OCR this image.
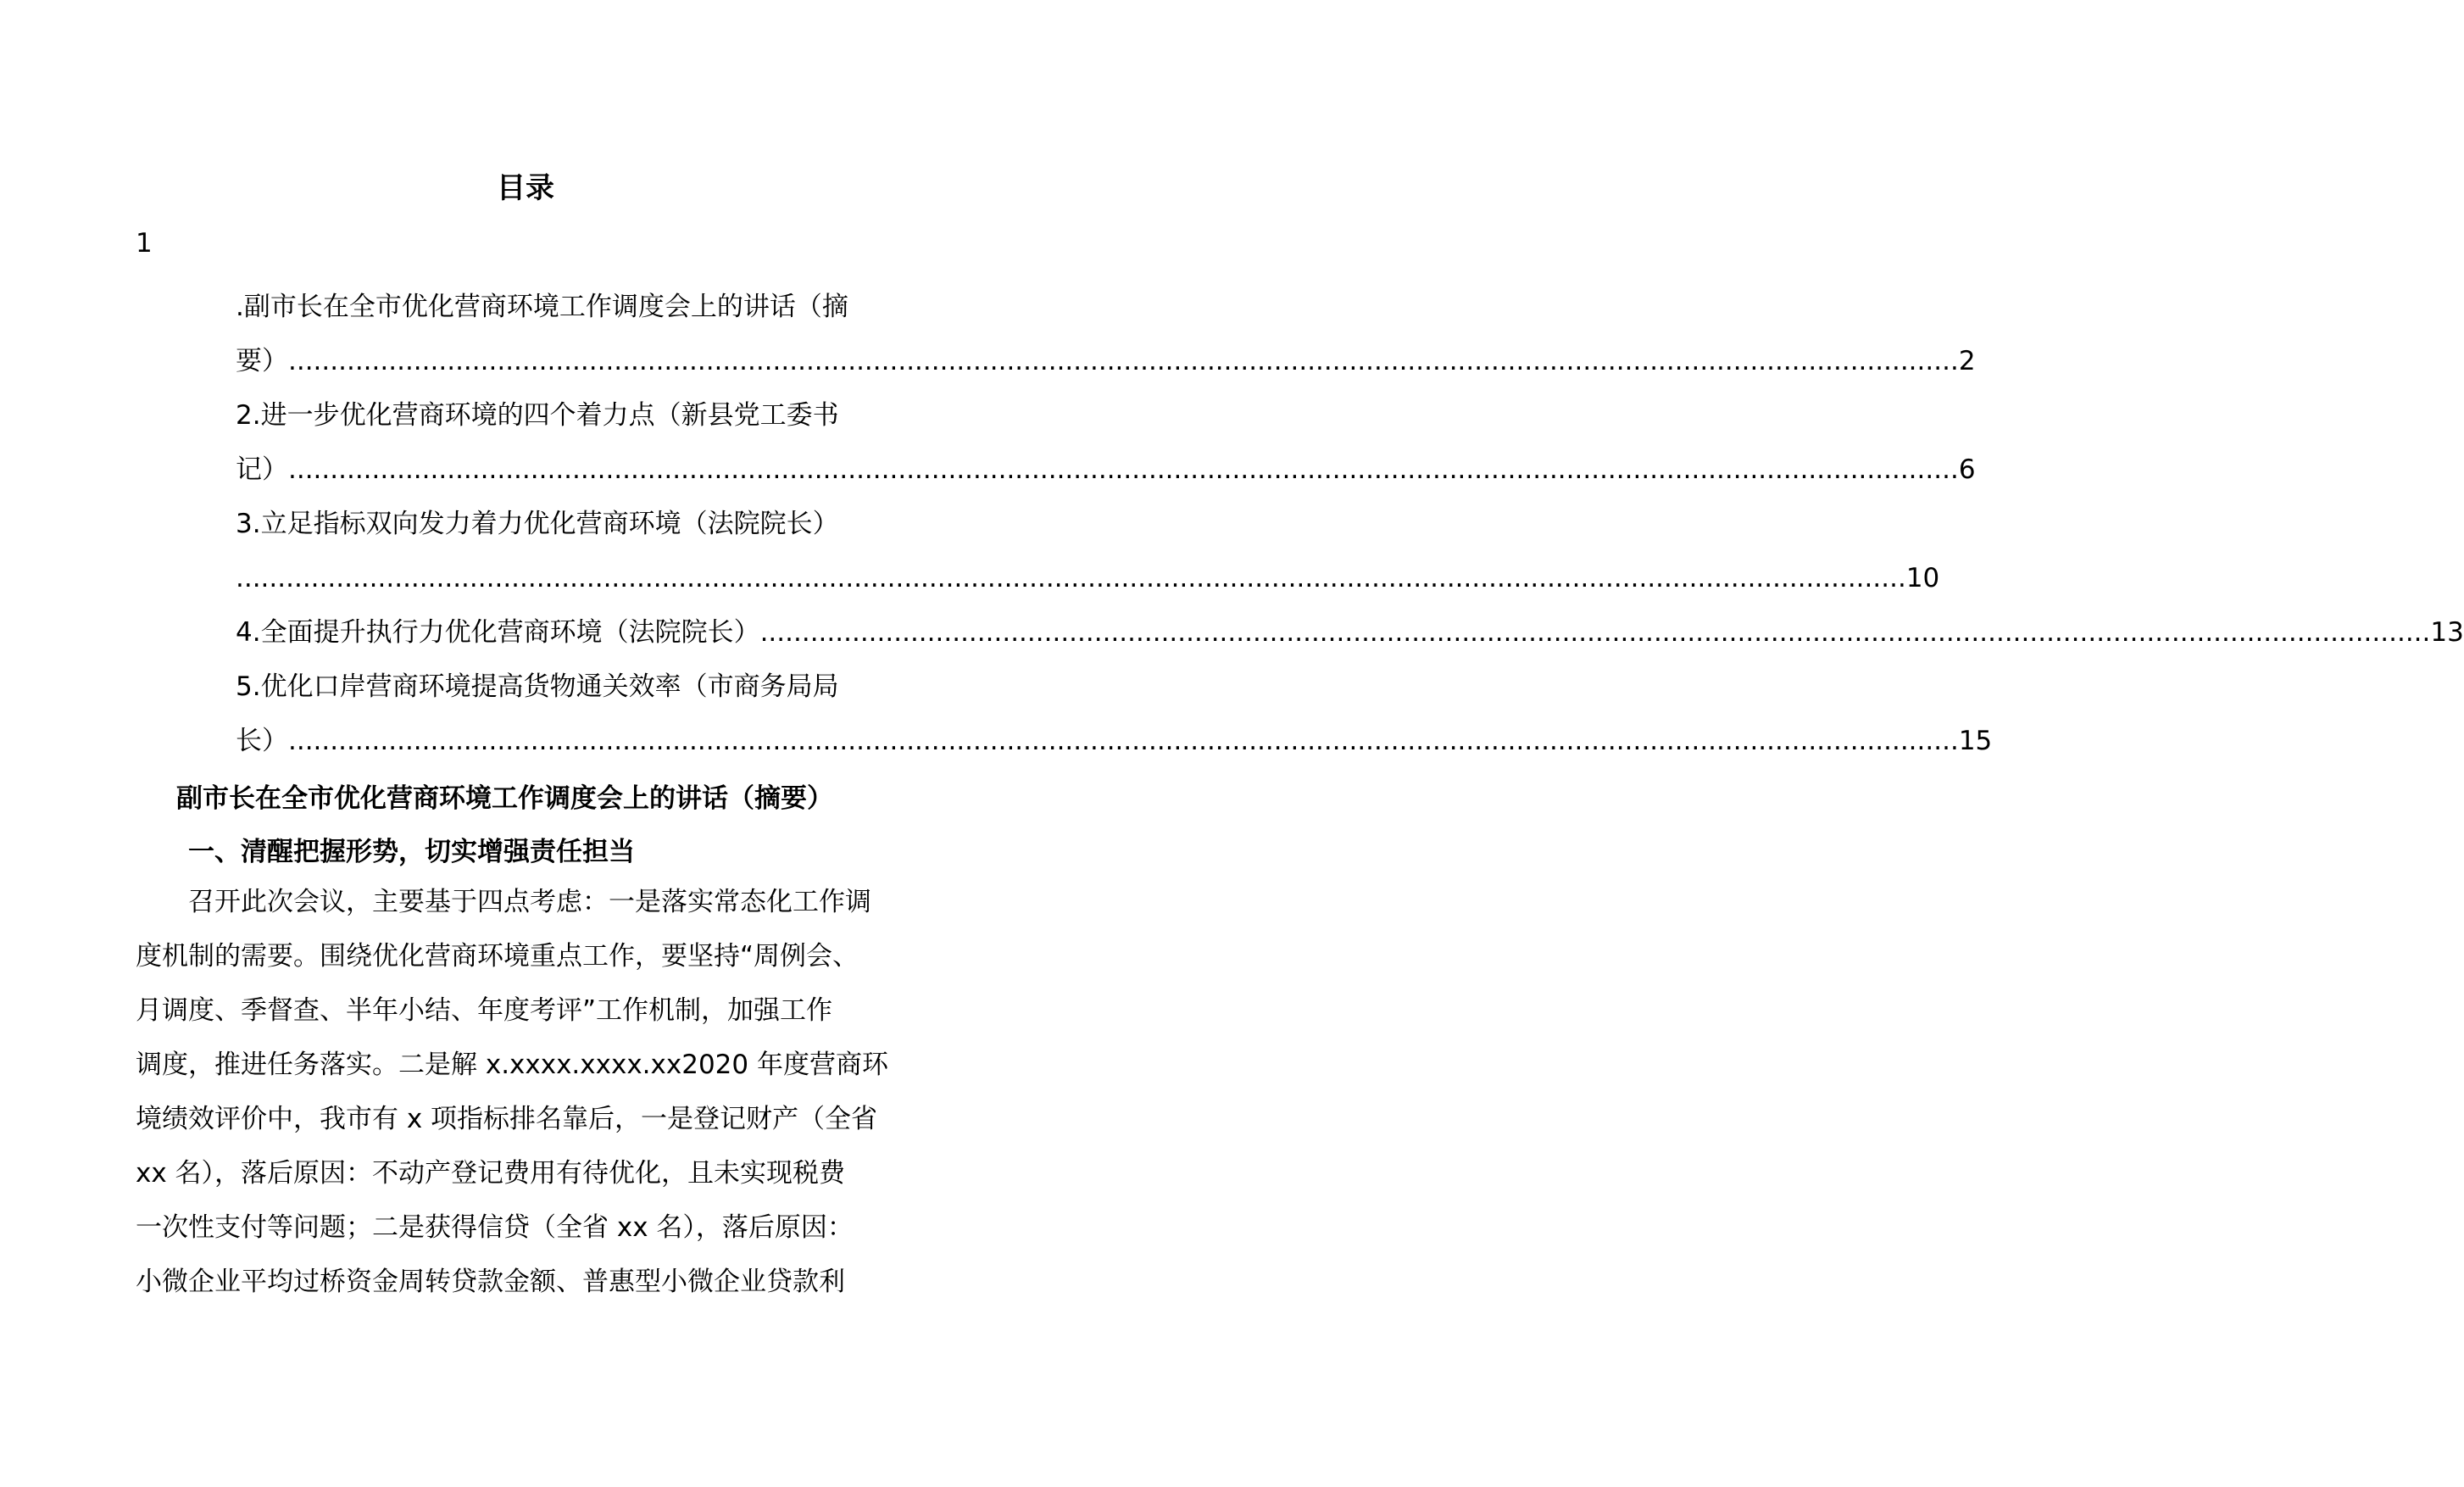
目录
1
.副市长在全市优化营商环境工作调度会上的讲话（摘
要） ........................................................................................................................................................................................................ 2
2.进一步优化营商环境的四个着力点（新县党工委书
记） ........................................................................................................................................................................................................ 6
3.立足指标双向发力着力优化营商环境（法院院长）
........................................................................................................................................................................................................ 10
4.全面提升执行力优化营商环境（法院院长） ........................................................................................................................................................................................................ 13
5.优化口岸营商环境提高货物通关效率（市商务局局
长） ........................................................................................................................................................................................................ 15
副市长在全市优化营商环境工作调度会上的讲话（摘要）
一、清醒把握形势，切实增强责任担当
召开此次会议，主要基于四点考虑：一是落实常态化工作调
度机制的需要。围绕优化营商环境重点工作，要坚持“周例会、
月调度、季督查、半年小结、年度考评”工作机制，加强工作
调度，推进任务落实。二是解 x.xxxx.xxxx.xx2020 年度营商环
境绩效评价中，我市有 x 项指标排名靠后，一是登记财产（全省
xx 名），落后原因：不动产登记费用有待优化，且未实现税费
一次性支付等问题；二是获得信贷（全省 xx 名），落后原因：
小微企业平均过桥资金周转贷款金额、普惠型小微企业贷款利
